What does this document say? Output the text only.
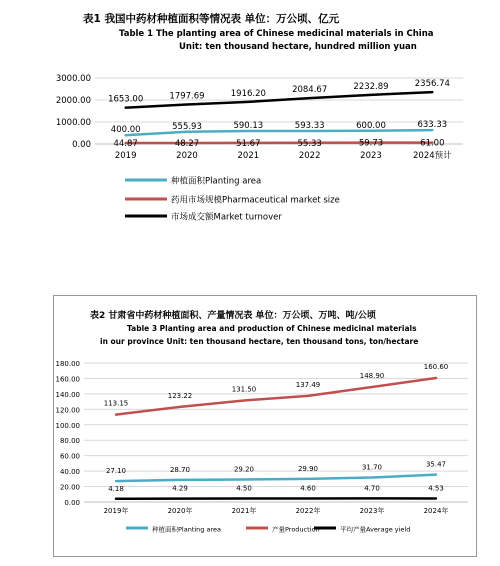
表1 我国中药材种植面积等情况表 单位：万公顷、亿元
Table 1 The planting area of Chinese medicinal materials in China
Unit: ten thousand hectare, hundred million yuan
0.00
1000.00
2000.00
3000.00
2019	2020	2021	2022	2023	2024预计
400.00	555.93	590.13	593.33	600.00	633.33
44.87	48.27	51.67	55.33	59.73	61.00
1653.00	1797.69	1916.20	2084.67	2232.89	2356.74
种植面积Planting area
药用市场规模Pharmaceutical market size
市场成交额Market turnover
表2 甘肃省中药材种植面积、产量情况表 单位：万公顷、万吨、吨/公顷
Table 3 Planting area and production of Chinese medicinal materials
in our province Unit: ten thousand hectare, ten thousand tons, ton/hectare
0.00
20.00
40.00
60.00
80.00
100.00
120.00
140.00
160.00
180.00
2019年	2020年	2021年	2022年	2023年	2024年
27.10	28.70	29.20	29.90	31.70	35.47
113.15
123.22
131.50
137.49
148.90
160.60
4.18	4.29	4.50	4.60	4.70	4.53
种植面积Planting area	产量Production	平均产量Average yield
